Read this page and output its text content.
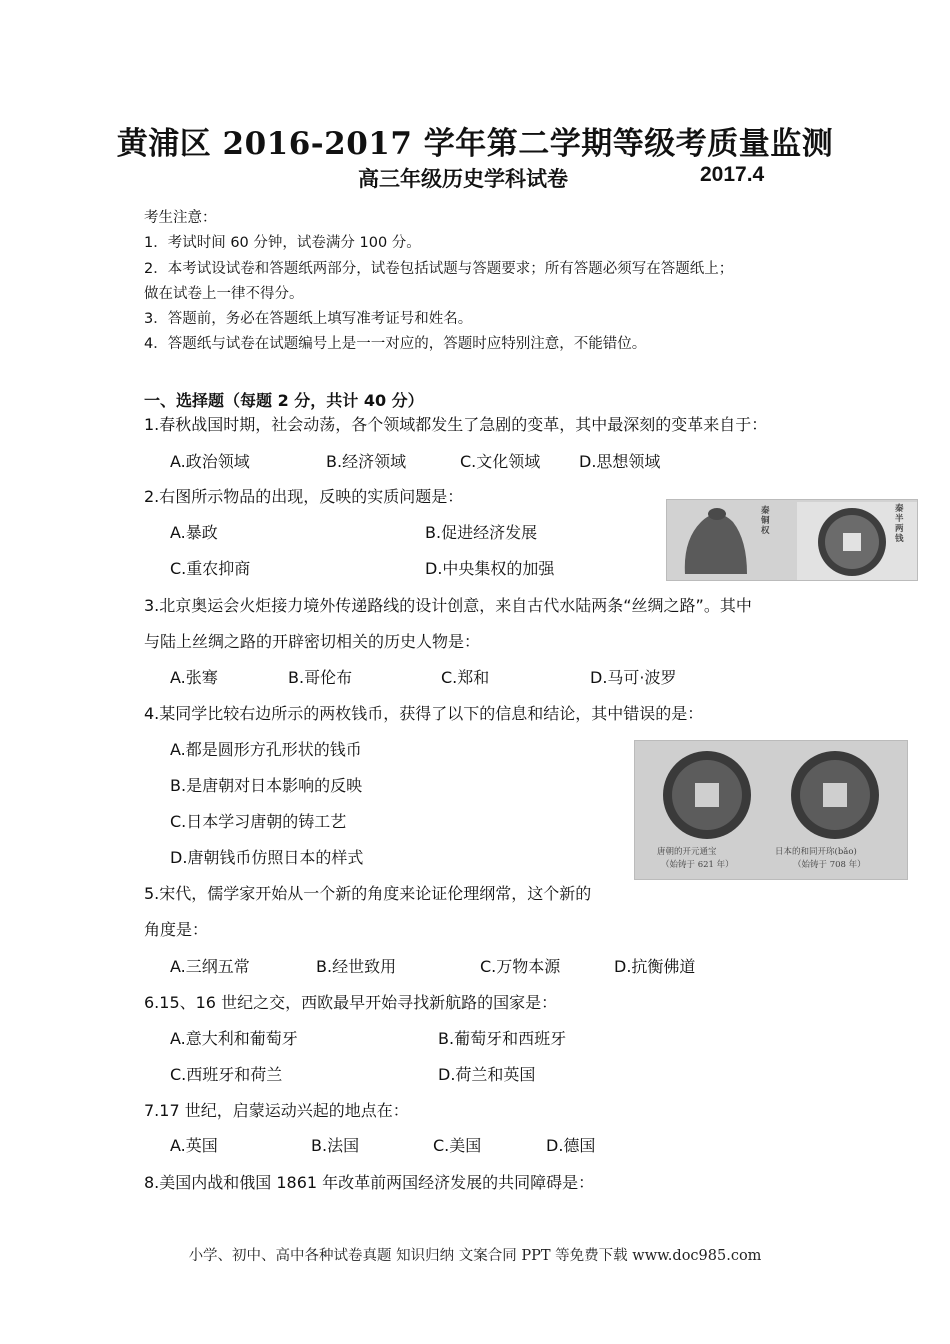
黄浦区 2016-2017 学年第二学期等级考质量监测
高三年级历史学科试卷	2017.4
考生注意：
1．考试时间 60 分钟，试卷满分 100 分。
2．本考试设试卷和答题纸两部分，试卷包括试题与答题要求；所有答题必须写在答题纸上；
做在试卷上一律不得分。
3．答题前，务必在答题纸上填写准考证号和姓名。
4．答题纸与试卷在试题编号上是一一对应的，答题时应特别注意，不能错位。
一、选择题（每题 2 分，共计 40 分）
1.春秋战国时期，社会动荡，各个领域都发生了急剧的变革，其中最深刻的变革来自于：
A.政治领域	B.经济领域	C.文化领域 D.思想领域
2.右图所示物品的出现，反映的实质问题是：
A.暴政	B.促进经济发展
C.重农抑商	D.中央集权的加强
秦铜权
秦半两钱
3.北京奥运会火炬接力境外传递路线的设计创意，来自古代水陆两条“丝绸之路”。其中
与陆上丝绸之路的开辟密切相关的历史人物是：
A.张骞	B.哥伦布	C.郑和	D.马可·波罗
4.某同学比较右边所示的两枚钱币，获得了以下的信息和结论，其中错误的是：
A.都是圆形方孔形状的钱币
B.是唐朝对日本影响的反映
C.日本学习唐朝的铸工艺
D.唐朝钱币仿照日本的样式	唐朝的开元通宝
（始铸于 621 年）
日本的和同开珎(bǎo)
（始铸于 708 年）
5.宋代，儒学家开始从一个新的角度来论证伦理纲常，这个新的
角度是：
A.三纲五常	B.经世致用	C.万物本源	D.抗衡佛道
6.15、16 世纪之交，西欧最早开始寻找新航路的国家是：
A.意大利和葡萄牙	B.葡萄牙和西班牙
C.西班牙和荷兰	D.荷兰和英国
7.17 世纪，启蒙运动兴起的地点在：
A.英国	B.法国	C.美国	D.德国
8.美国内战和俄国 1861 年改革前两国经济发展的共同障碍是：
小学、初中、高中各种试卷真题 知识归纳 文案合同 PPT 等免费下载 www.doc985.com
